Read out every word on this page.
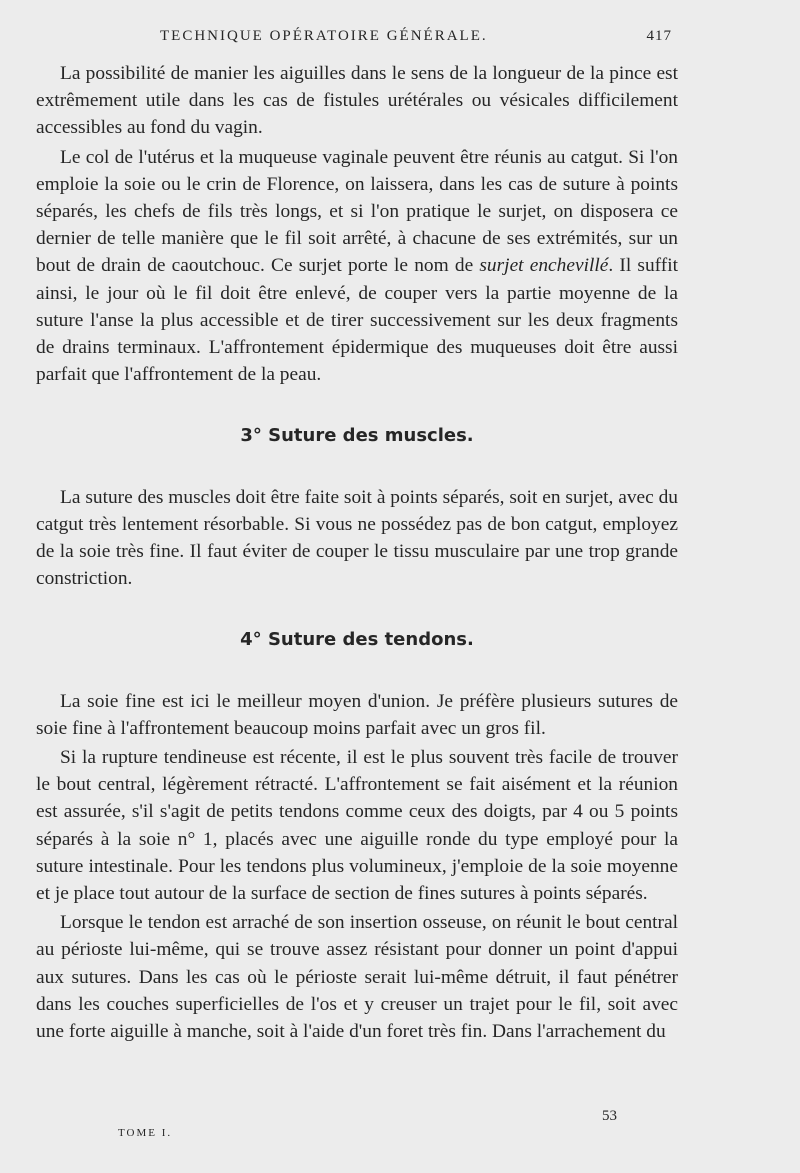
TECHNIQUE OPÉRATOIRE GÉNÉRALE.	417

La possibilité de manier les aiguilles dans le sens de la longueur de la pince est extrêmement utile dans les cas de fistules urétérales ou vésicales difficilement accessibles au fond du vagin.

Le col de l'utérus et la muqueuse vaginale peuvent être réunis au catgut. Si l'on emploie la soie ou le crin de Florence, on laissera, dans les cas de suture à points séparés, les chefs de fils très longs, et si l'on pratique le surjet, on disposera ce dernier de telle manière que le fil soit arrêté, à chacune de ses extrémités, sur un bout de drain de caoutchouc. Ce surjet porte le nom de surjet enchevillé. Il suffit ainsi, le jour où le fil doit être enlevé, de couper vers la partie moyenne de la suture l'anse la plus accessible et de tirer successivement sur les deux fragments de drains terminaux. L'affrontement épidermique des muqueuses doit être aussi parfait que l'affrontement de la peau.

3° Suture des muscles.

La suture des muscles doit être faite soit à points séparés, soit en surjet, avec du catgut très lentement résorbable. Si vous ne possédez pas de bon catgut, employez de la soie très fine. Il faut éviter de couper le tissu musculaire par une trop grande constriction.

4° Suture des tendons.

La soie fine est ici le meilleur moyen d'union. Je préfère plusieurs sutures de soie fine à l'affrontement beaucoup moins parfait avec un gros fil.

Si la rupture tendineuse est récente, il est le plus souvent très facile de trouver le bout central, légèrement rétracté. L'affrontement se fait aisément et la réunion est assurée, s'il s'agit de petits tendons comme ceux des doigts, par 4 ou 5 points séparés à la soie n° 1, placés avec une aiguille ronde du type employé pour la suture intestinale. Pour les tendons plus volumineux, j'emploie de la soie moyenne et je place tout autour de la surface de section de fines sutures à points séparés.

Lorsque le tendon est arraché de son insertion osseuse, on réunit le bout central au périoste lui-même, qui se trouve assez résistant pour donner un point d'appui aux sutures. Dans les cas où le périoste serait lui-même détruit, il faut pénétrer dans les couches superficielles de l'os et y creuser un trajet pour le fil, soit avec une forte aiguille à manche, soit à l'aide d'un foret très fin. Dans l'arrachement du

53
TOME I.
